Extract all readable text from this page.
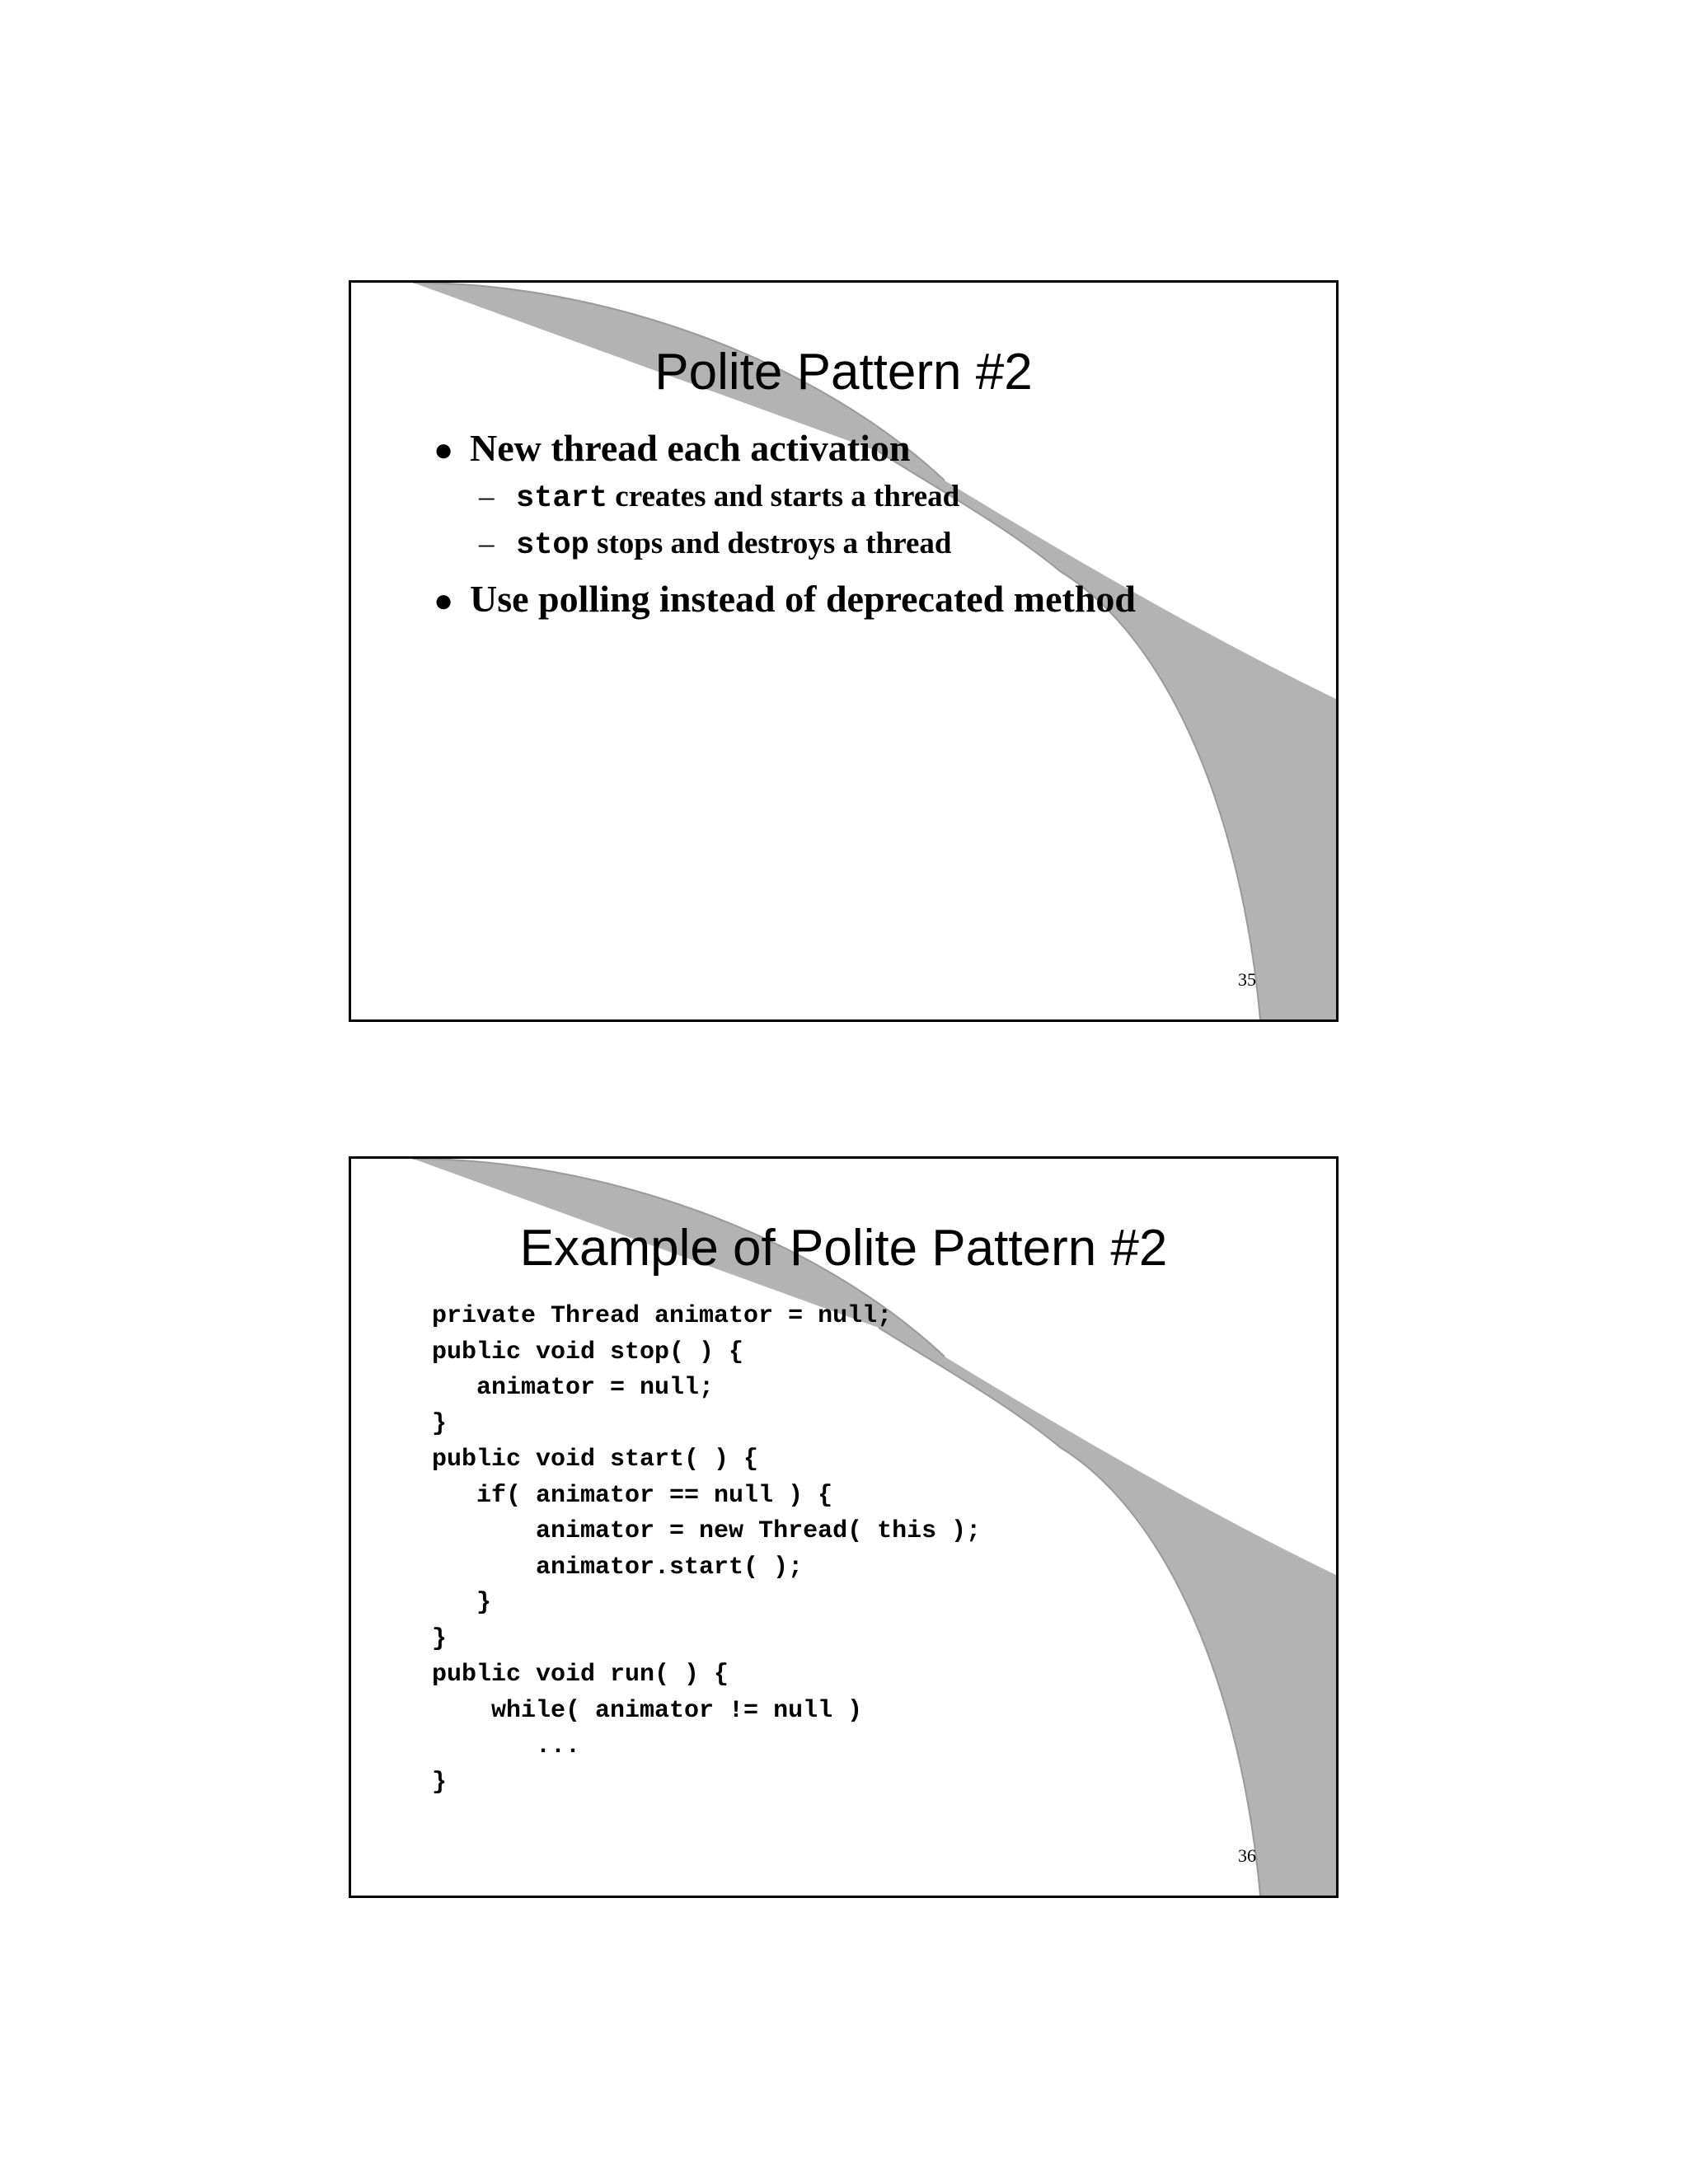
Polite Pattern #2
● New thread each activation
– start creates and starts a thread
– stop stops and destroys a thread
● Use polling instead of deprecated method
35
Example of Polite Pattern #2
private Thread animator = null;
public void stop( ) {
animator = null;
}
public void start( ) {
if( animator == null ) {
animator = new Thread( this );
animator.start( );
}
}
public void run( ) {
while( animator != null )
...
}
36
